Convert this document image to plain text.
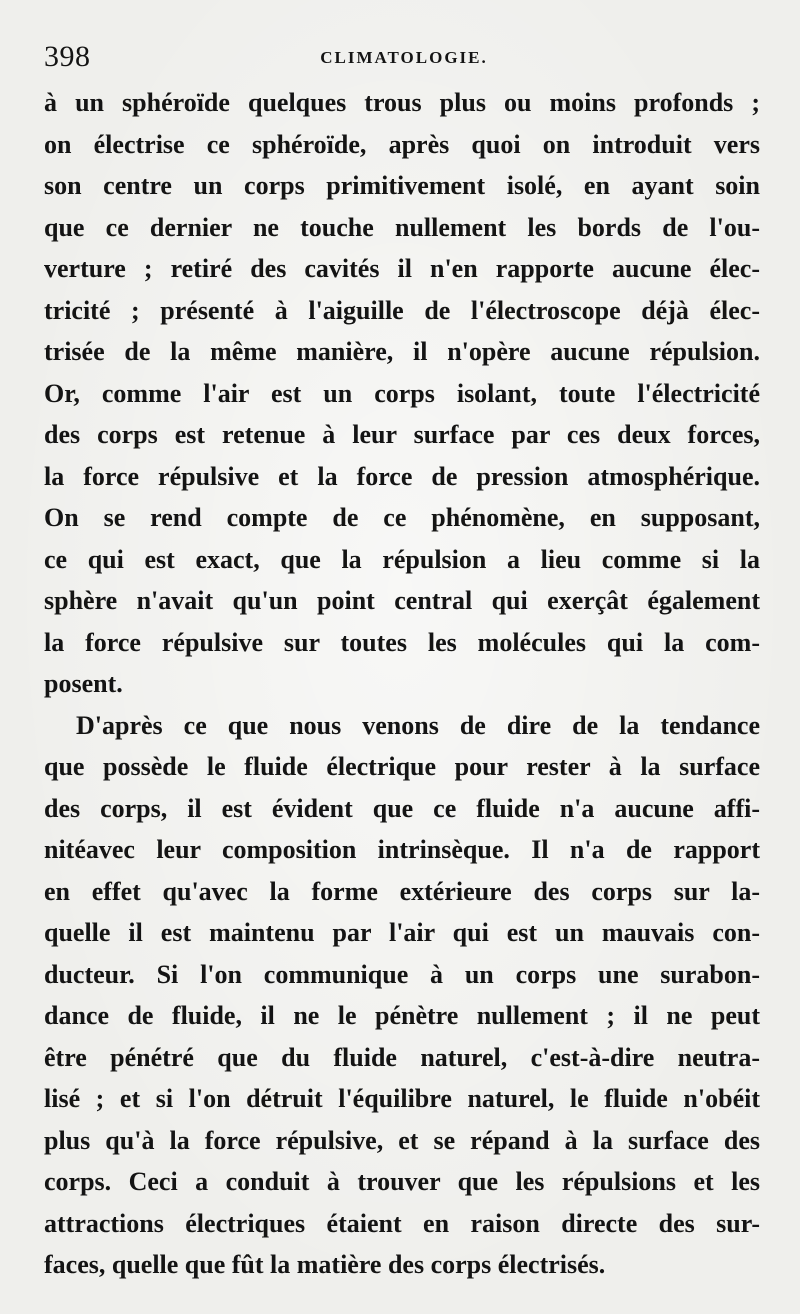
398	CLIMATOLOGIE.
à un sphéroïde quelques trous plus ou moins profonds ;
on électrise ce sphéroïde, après quoi on introduit vers
son centre un corps primitivement isolé, en ayant soin
que ce dernier ne touche nullement les bords de l'ou-
verture ; retiré des cavités il n'en rapporte aucune élec-
tricité ; présenté à l'aiguille de l'électroscope déjà élec-
trisée de la même manière, il n'opère aucune répulsion.
Or, comme l'air est un corps isolant, toute l'électricité
des corps est retenue à leur surface par ces deux forces,
la force répulsive et la force de pression atmosphérique.
On se rend compte de ce phénomène, en supposant,
ce qui est exact, que la répulsion a lieu comme si la
sphère n'avait qu'un point central qui exerçât également
la force répulsive sur toutes les molécules qui la com-
posent.
D'après ce que nous venons de dire de la tendance
que possède le fluide électrique pour rester à la surface
des corps, il est évident que ce fluide n'a aucune affi-
nitéavec leur composition intrinsèque. Il n'a de rapport
en effet qu'avec la forme extérieure des corps sur la-
quelle il est maintenu par l'air qui est un mauvais con-
ducteur. Si l'on communique à un corps une surabon-
dance de fluide, il ne le pénètre nullement ; il ne peut
être pénétré que du fluide naturel, c'est-à-dire neutra-
lisé ; et si l'on détruit l'équilibre naturel, le fluide n'obéit
plus qu'à la force répulsive, et se répand à la surface des
corps. Ceci a conduit à trouver que les répulsions et les
attractions électriques étaient en raison directe des sur-
faces, quelle que fût la matière des corps électrisés.
